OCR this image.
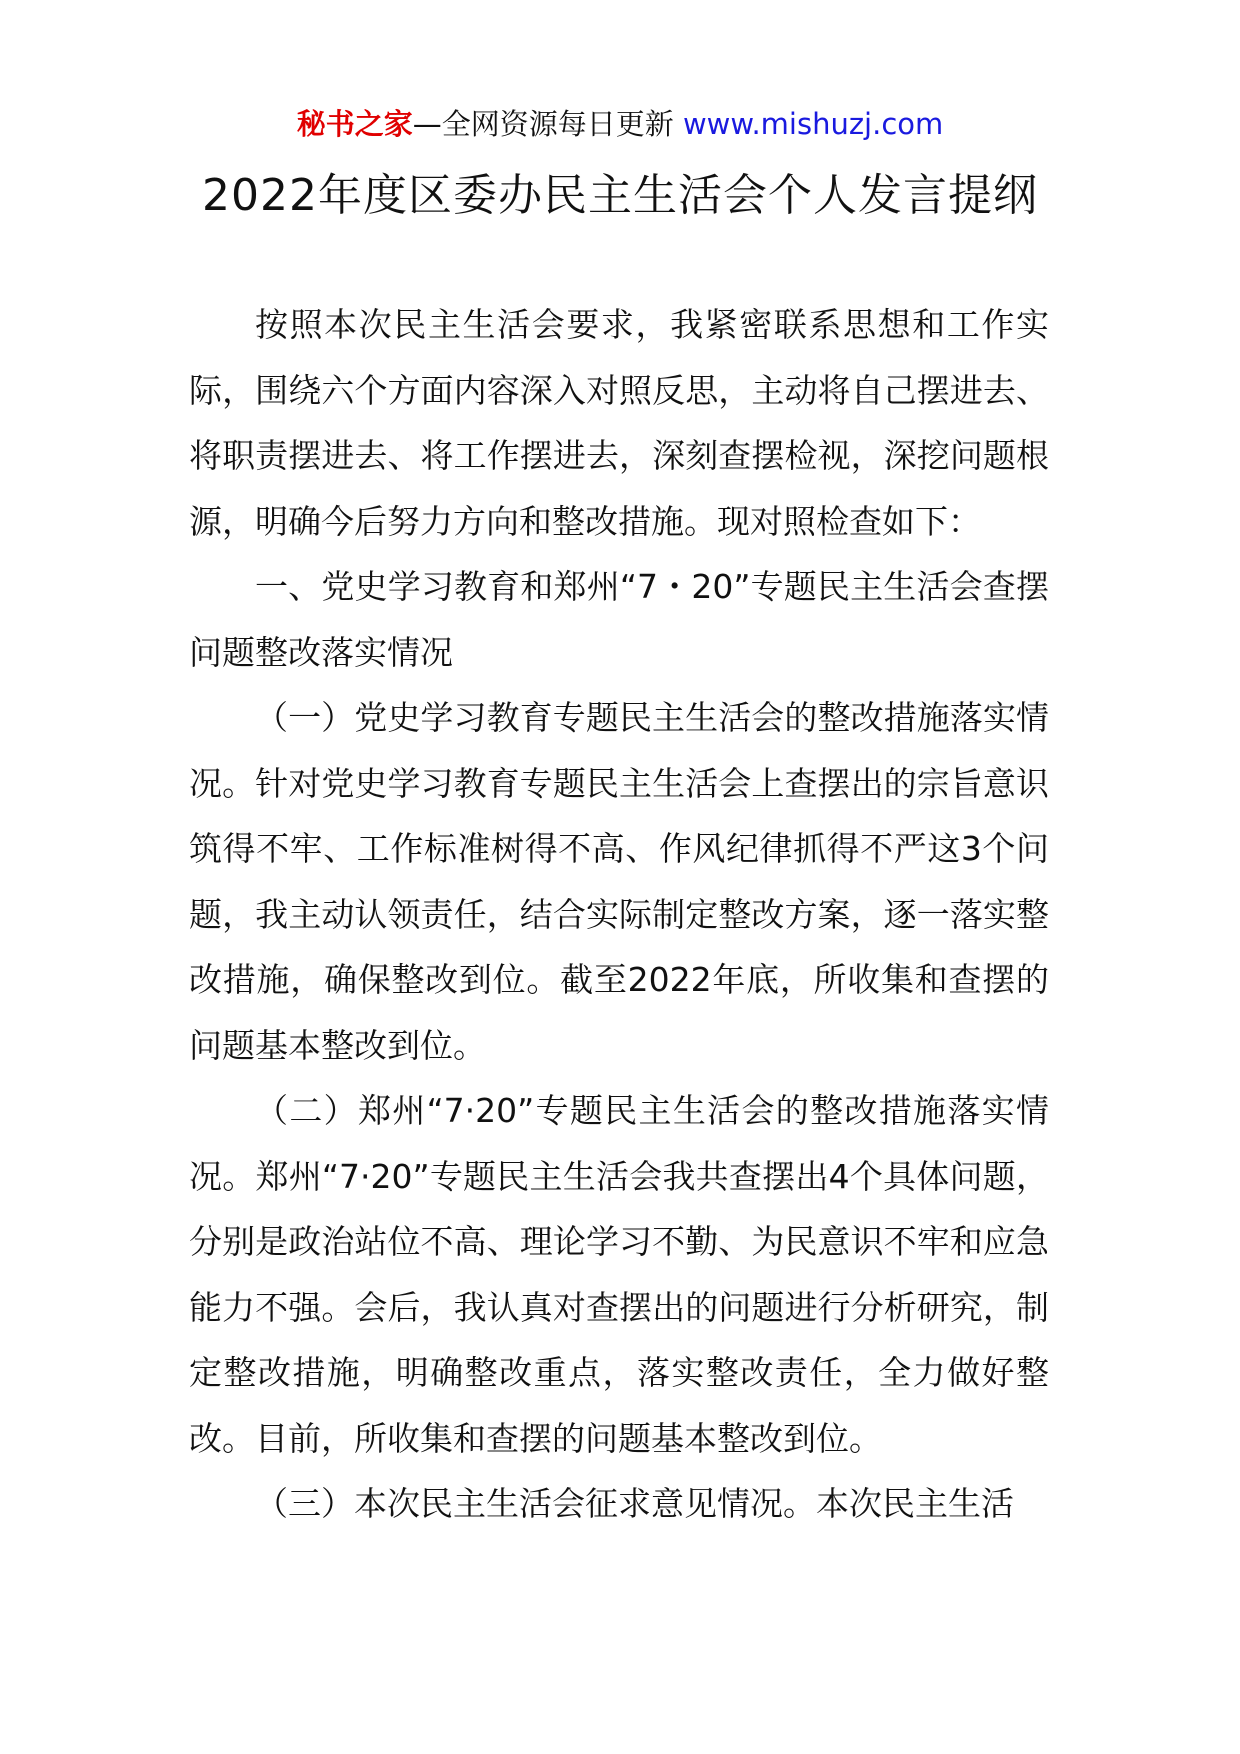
秘书之家—全网资源每日更新 www.mishuzj.com
2022年度区委办民主生活会个人发言提纲

按照本次民主生活会要求，我紧密联系思想和工作实际，围绕六个方面内容深入对照反思，主动将自己摆进去、将职责摆进去、将工作摆进去，深刻查摆检视，深挖问题根源，明确今后努力方向和整改措施。现对照检查如下：

一、党史学习教育和郑州“7・20”专题民主生活会查摆问题整改落实情况

（一）党史学习教育专题民主生活会的整改措施落实情况。针对党史学习教育专题民主生活会上查摆出的宗旨意识筑得不牢、工作标准树得不高、作风纪律抓得不严这3个问题，我主动认领责任，结合实际制定整改方案，逐一落实整改措施，确保整改到位。截至2022年底，所收集和查摆的问题基本整改到位。

（二）郑州“7·20”专题民主生活会的整改措施落实情况。郑州“7·20”专题民主生活会我共查摆出4个具体问题，分别是政治站位不高、理论学习不勤、为民意识不牢和应急能力不强。会后，我认真对查摆出的问题进行分析研究，制定整改措施，明确整改重点，落实整改责任，全力做好整改。目前，所收集和查摆的问题基本整改到位。

（三）本次民主生活会征求意见情况。本次民主生活
